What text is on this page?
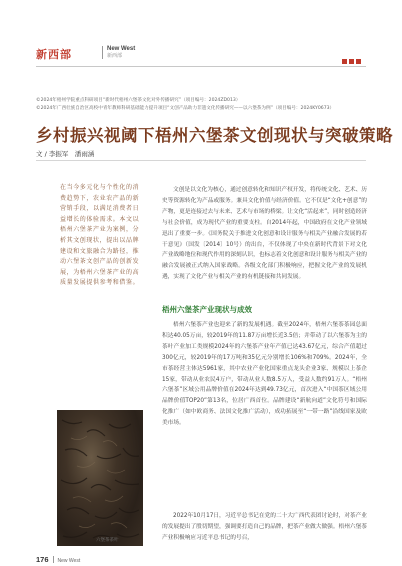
新西部	New West
新西部
©2024年梧州学院重点科研项目“新时代梧州六堡茶文化对外传播研究”（项目编号：2024ZD013）
©2024年广西壮族自治区高校中青年教师科研基础能力提升项目“文创产品助力非遗文化传播研究——以六堡茶为例”（项目编号：2024KY0673）
乡村振兴视阈下梧州六堡茶文创现状与突破策略
文 / 李振军　潘雨涵
在当今多元化与个性化的消费趋势下，农业农产品的新营销手段，以满足消费者日益增长的体验需求。本文以梧州六堡茶产业为案例，分析其文创现状，提出以品牌建设和文旅融合为路径，推动六堡茶文创产品的创新发展，为梧州六堡茶产业的高质量发展提供参考和借鉴。
六堡茶茶叶

文创是以文化为核心，通过创意转化和知识产权开发，将传统文化、艺术、历史等资源转化为产品或服务。兼具文化价值与经济价值。它不仅是“文化+创意”的产物，更是连接过去与未来、艺术与市场的桥梁。让文化“活起来”，同时创造经济与社会价值，成为现代产业的重要支柱。自2014年起，中国政府在文化产业领域迅出了重要一步。《国务院关于推进文化创意和设计服务与相关产业融合发展的若干意见》（国发〔2014〕10号）的出台，不仅体现了中央在新时代背景下对文化产业战略地位和现代作用的深刻认识，也标志着文化创意和设计服务与相关产业的融合发展被正式纳入国家战略。各级文化部门积极响应，把握文化产业的发展机遇，实现了文化产业与相关产业的有机链接和共同发展。

梧州六堡茶产业现状与成效

梧州六堡茶产业也迎来了新的发展机遇。截至2024年，梧州六堡茶茶园总面积达40.05万亩，较2019年的11.87万亩增长近3.5倍；并带动了以六堡茶为主的茶叶产业加工类规模2024年的六堡茶产业年产值已达43.67亿元，综合产值超过300亿元，较2019年的17万吨和35亿元分别增长106%和709%。2024年，全市茶经营主体达5961家，其中农业产业化国家重点龙头企业3家、规模以上茶企15家，带动从业农民4万户，带动从业人数8.5万人，受益人数约91万人。“梧州六堡茶”区域公用品牌价值在2024年达到49.73亿元，首次进入“中国茶区域公用品牌价值TOP20”第13名，位居广西首位。品牌建设“新航向道”文化符号和国际化推广（如中欧商务、法国文化推广活动），成功拓展至“一带一路”沿线国家及欧美市场。

2022年10月17日，习近平总书记在党的二十大广西代表团讨论时，对茶产业的发展提出了殷切期望，强调要打造自己的品牌，把茶产业做大做强。梧州六堡茶产业积极响应习近平总书记的号召，

176 New West
